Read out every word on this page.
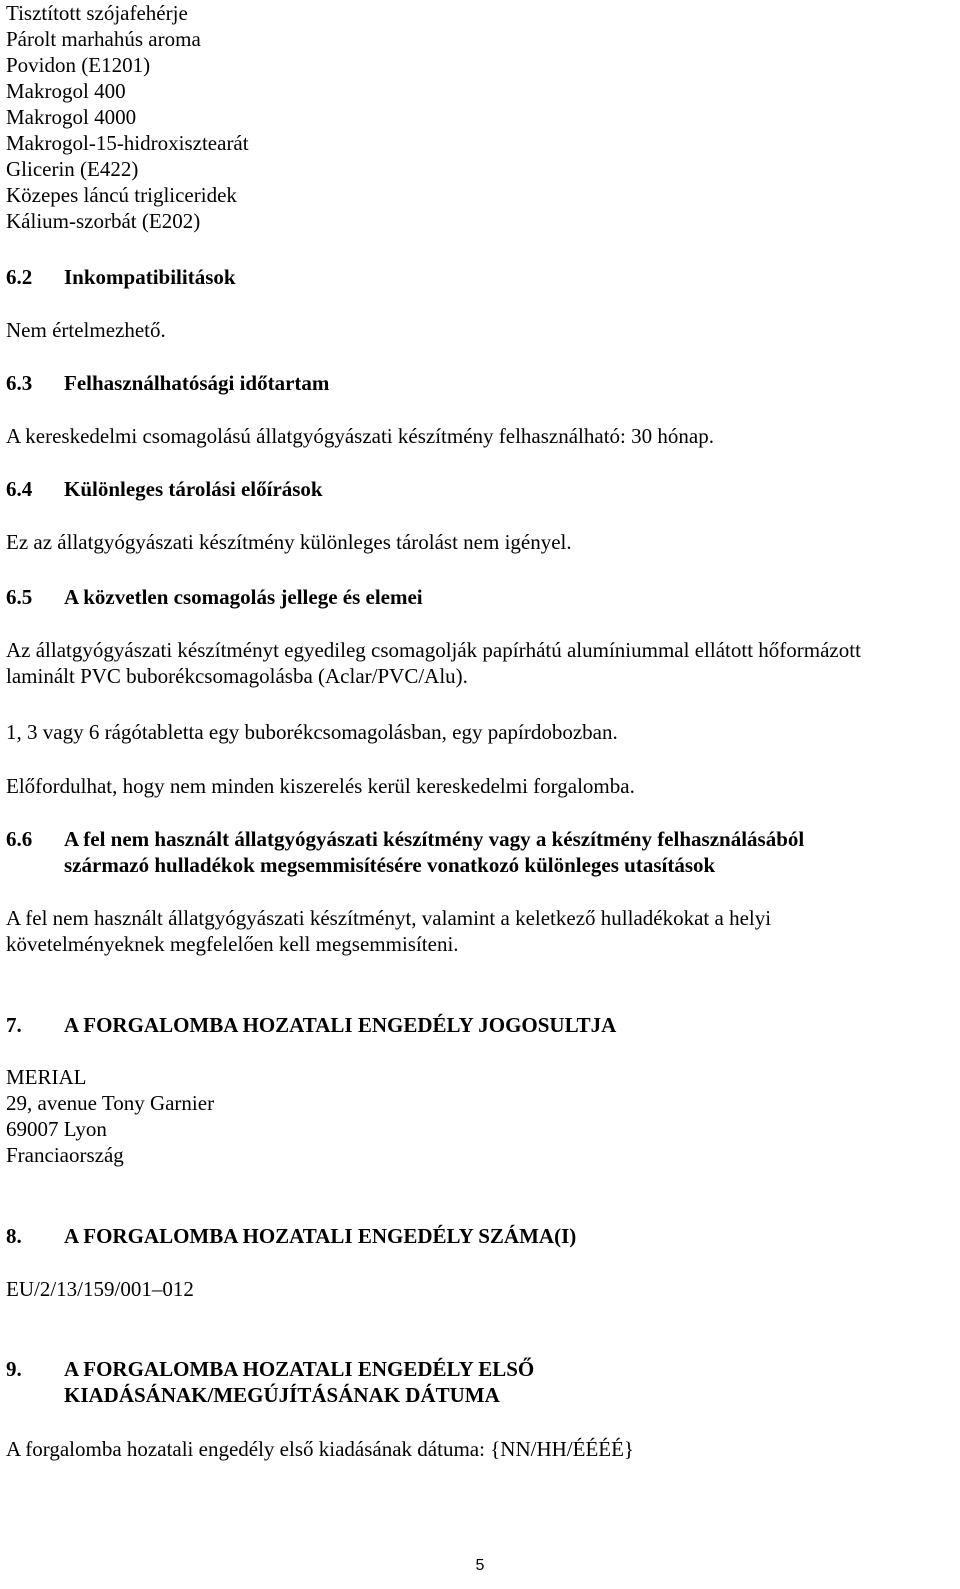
Tisztított szójafehérje

Párolt marhahús aroma

Povidon (E1201)

Makrogol 400

Makrogol 4000

Makrogol-15-hidroxisztearát

Glicerin (E422)

Közepes láncú trigliceridek

Kálium-szorbát (E202)

6.2	Inkompatibilitások

Nem értelmezhető.

6.3	Felhasználhatósági időtartam

A kereskedelmi csomagolású állatgyógyászati készítmény felhasználható: 30 hónap.

6.4	Különleges tárolási előírások

Ez az állatgyógyászati készítmény különleges tárolást nem igényel.

6.5	A közvetlen csomagolás jellege és elemei

Az állatgyógyászati készítményt egyedileg csomagolják papírhátú alumíniummal ellátott hőformázott

laminált PVC buborékcsomagolásba (Aclar/PVC/Alu).

1, 3 vagy 6 rágótabletta egy buborékcsomagolásban, egy papírdobozban.

Előfordulhat, hogy nem minden kiszerelés kerül kereskedelmi forgalomba.

6.6	A fel nem használt állatgyógyászati készítmény vagy a készítmény felhasználásából
származó hulladékok megsemmisítésére vonatkozó különleges utasítások

A fel nem használt állatgyógyászati készítményt, valamint a keletkező hulladékokat a helyi

követelményeknek megfelelően kell megsemmisíteni.

7.	A FORGALOMBA HOZATALI ENGEDÉLY JOGOSULTJA

MERIAL

29, avenue Tony Garnier

69007 Lyon

Franciaország

8.	A FORGALOMBA HOZATALI ENGEDÉLY SZÁMA(I)

EU/2/13/159/001–012

9.	A FORGALOMBA HOZATALI ENGEDÉLY ELSŐ
KIADÁSÁNAK/MEGÚJÍTÁSÁNAK DÁTUMA

A forgalomba hozatali engedély első kiadásának dátuma: {NN/HH/ÉÉÉÉ}

5
